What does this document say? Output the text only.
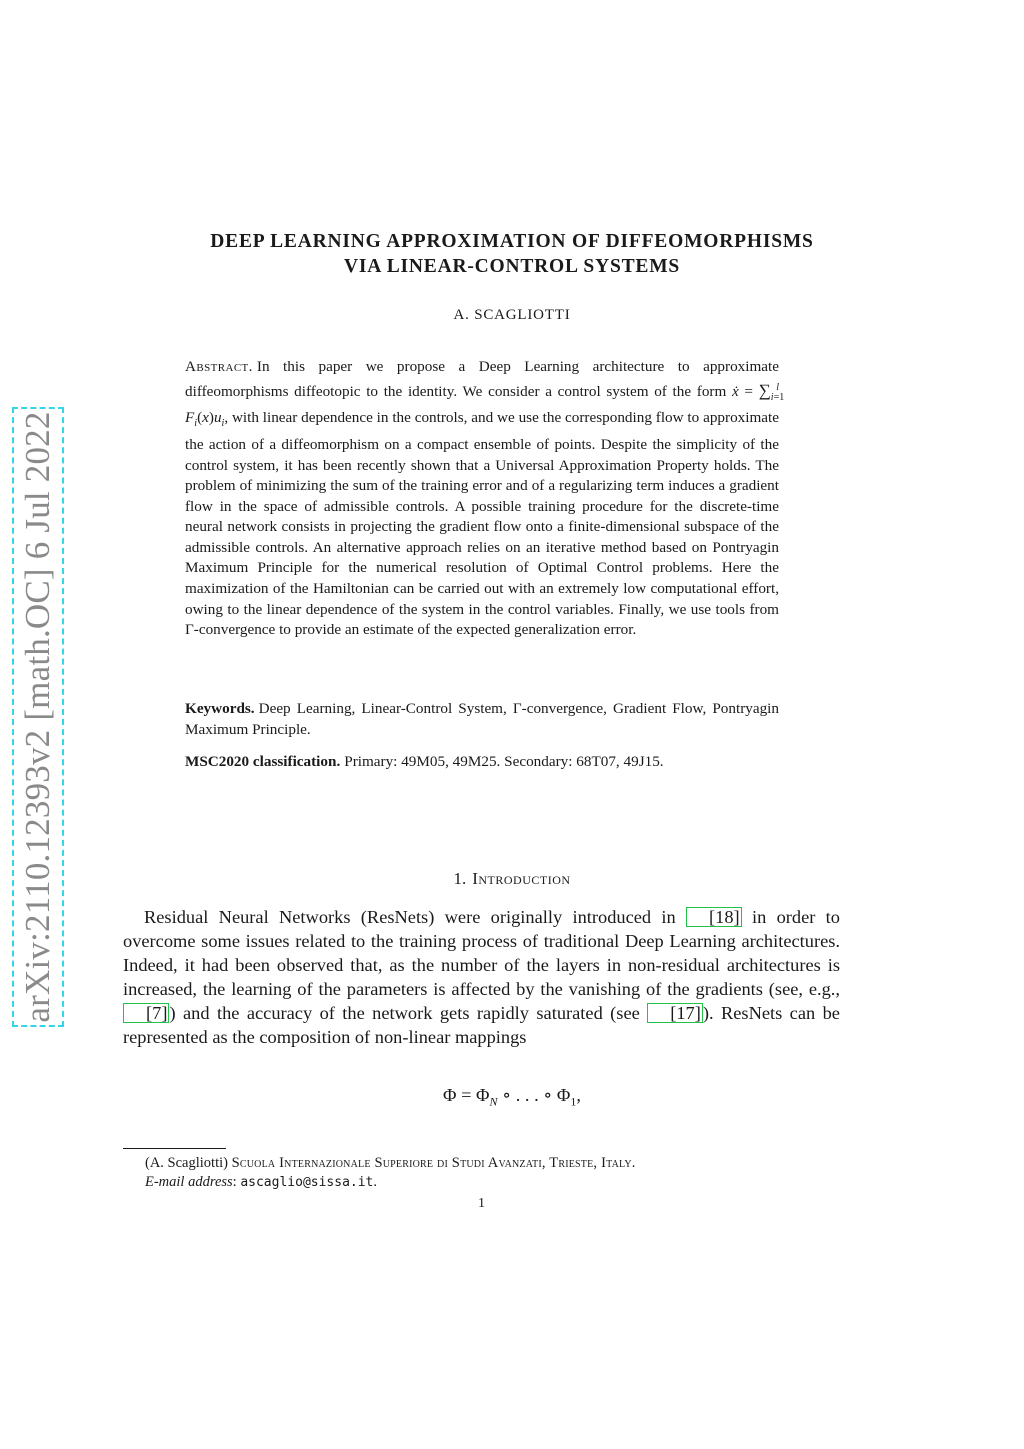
arXiv:2110.12393v2 [math.OC] 6 Jul 2022
DEEP LEARNING APPROXIMATION OF DIFFEOMORPHISMS
VIA LINEAR-CONTROL SYSTEMS
A. SCAGLIOTTI
Abstract. In this paper we propose a Deep Learning architecture to approximate diffeomorphisms diffeotopic to the identity. We consider a control system of the form ẋ = $\sum_{i=1}^l$ $F_i(x)u_i$, with linear dependence in the controls, and we use the corresponding flow to approximate the action of a diffeomorphism on a compact ensemble of points. Despite the simplicity of the control system, it has been recently shown that a Universal Approximation Property holds. The problem of minimizing the sum of the training error and of a regularizing term induces a gradient flow in the space of admissible controls. A possible training procedure for the discrete-time neural network consists in projecting the gradient flow onto a finite-dimensional subspace of the admissible controls. An alternative approach relies on an iterative method based on Pontryagin Maximum Principle for the numerical resolution of Optimal Control problems. Here the maximization of the Hamiltonian can be carried out with an extremely low computational effort, owing to the linear dependence of the system in the control variables. Finally, we use tools from Γ-convergence to provide an estimate of the expected generalization error.
Keywords. Deep Learning, Linear-Control System, Γ-convergence, Gradient Flow, Pontryagin Maximum Principle.
MSC2020 classification. Primary: 49M05, 49M25. Secondary: 68T07, 49J15.
1. Introduction
Residual Neural Networks (ResNets) were originally introduced in [18] in order to overcome some issues related to the training process of traditional Deep Learning architectures. Indeed, it had been observed that, as the number of the layers in non-residual architectures is increased, the learning of the parameters is affected by the vanishing of the gradients (see, e.g., [7] ) and the accuracy of the network gets rapidly saturated (see [17] ). ResNets can be represented as the composition of non-linear mappings
$\Phi = \Phi_N$ ∘ . . . ∘ $\Phi_1$,
(A. Scagliotti) Scuola Internazionale Superiore di Studi Avanzati, Trieste, Italy.
E-mail address: ascaglio@sissa.it.
1
